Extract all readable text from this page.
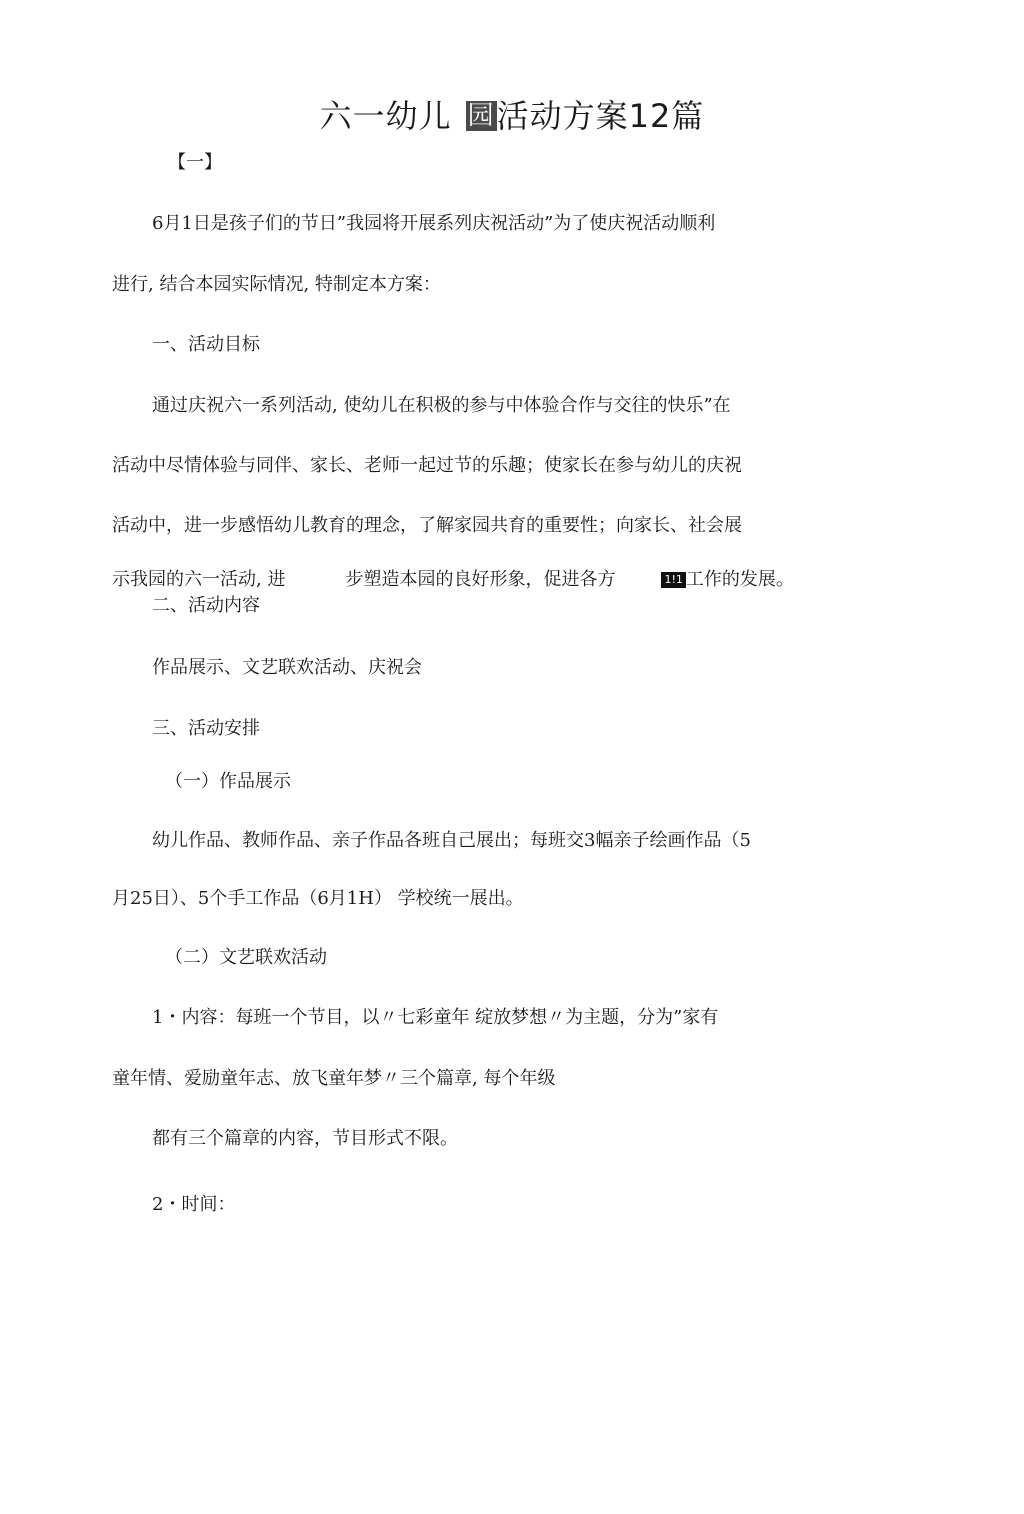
六一幼儿 园活动方案12篇
【一】
6月1日是孩子们的节日”我园将开展系列庆祝活动”为了使庆祝活动顺利
进行, 结合本园实际情况, 特制定本方案：
一、活动目标
通过庆祝六一系列活动, 使幼儿在积极的参与中体验合作与交往的快乐”在
活动中尽情体验与同伴、家长、老师一起过节的乐趣；使家长在参与幼儿的庆祝
活动中，进一步感悟幼儿教育的理念，了解家园共育的重要性；向家长、社会展
示我园的六一活动, 进	步塑造本园的良好形象，促进各方	1!1 工作的发展。
二、活动内容
作品展示、文艺联欢活动、庆祝会
三、活动安排
（一）作品展示
幼儿作品、教师作品、亲子作品各班自己展出；每班交3幅亲子绘画作品（5
月25日）、5个手工作品（6月1H） 学校统一展出。
（二）文艺联欢活动
1・内容：每班一个节目，以〃七彩童年 绽放梦想〃为主题，分为”家有
童年情、爱励童年志、放飞童年梦〃三个篇章, 每个年级
都有三个篇章的内容，节目形式不限。
2・时间：
